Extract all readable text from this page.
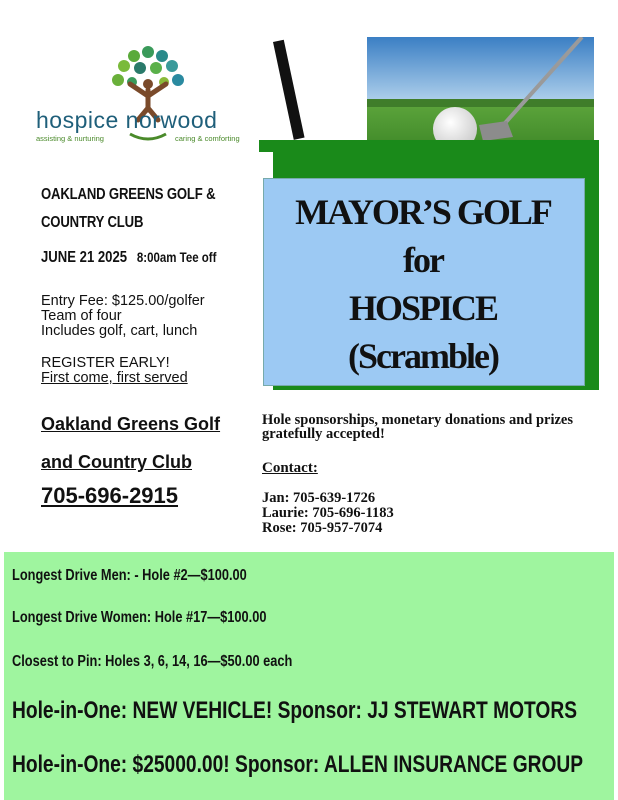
hospice norwood
assisting & nurturing	caring & comforting
OAKLAND GREENS GOLF & COUNTRY CLUB
JUNE 21 2025 8:00am Tee off
Entry Fee: $125.00/golfer
Team of four
Includes golf, cart, lunch
REGISTER EARLY!
First come, first served
Oakland Greens Golf
and Country Club
705-696-2915
MAYOR’S GOLF
for
HOSPICE
(Scramble)
Hole sponsorships, monetary donations and prizes gratefully accepted!
Contact:
Jan: 705-639-1726
Laurie: 705-696-1183
Rose: 705-957-7074
Longest Drive Men: - Hole #2—$100.00
Longest Drive Women: Hole #17—$100.00
Closest to Pin: Holes 3, 6, 14, 16—$50.00 each
Hole-in-One: NEW VEHICLE! Sponsor: JJ STEWART MOTORS
Hole-in-One: $25000.00! Sponsor: ALLEN INSURANCE GROUP
